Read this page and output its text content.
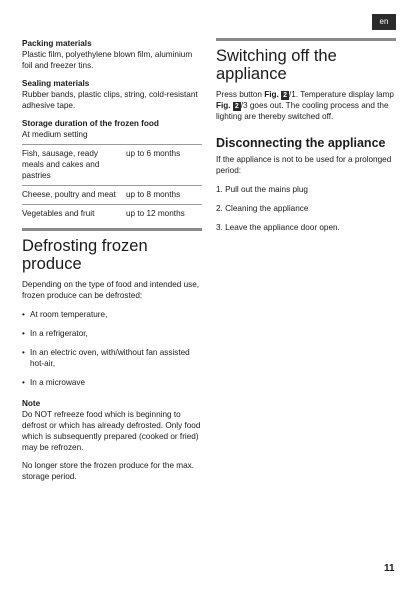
en

Packing materials

Plastic film, polyethylene blown film, aluminium foil and freezer tins.

Sealing materials

Rubber bands, plastic clips, string, cold-resistant adhesive tape.

Storage duration of the frozen food

At medium setting

Fish, sausage, ready meals and cakes and pastries	up to 6 months
Cheese, poultry and meat	up to 8 months
Vegetables and fruit	up to 12 months
Defrosting frozen produce

Depending on the type of food and intended use, frozen produce can be defrosted:

• At room temperature,
• In a refrigerator,
• In an electric oven, with/without fan assisted hot-air,
• In a microwave

Note

Do NOT refreeze food which is beginning to defrost or which has already defrosted. Only food which is subsequently prepared (cooked or fried) may be refrozen.

No longer store the frozen produce for the max. storage period.

Switching off the appliance

Press button Fig. 2 /1. Temperature display lamp Fig. 2 /3 goes out. The cooling process and the lighting are thereby switched off.

Disconnecting the appliance

If the appliance is not to be used for a prolonged period:

1. Pull out the mains plug
2. Cleaning the appliance
3. Leave the appliance door open.
11
